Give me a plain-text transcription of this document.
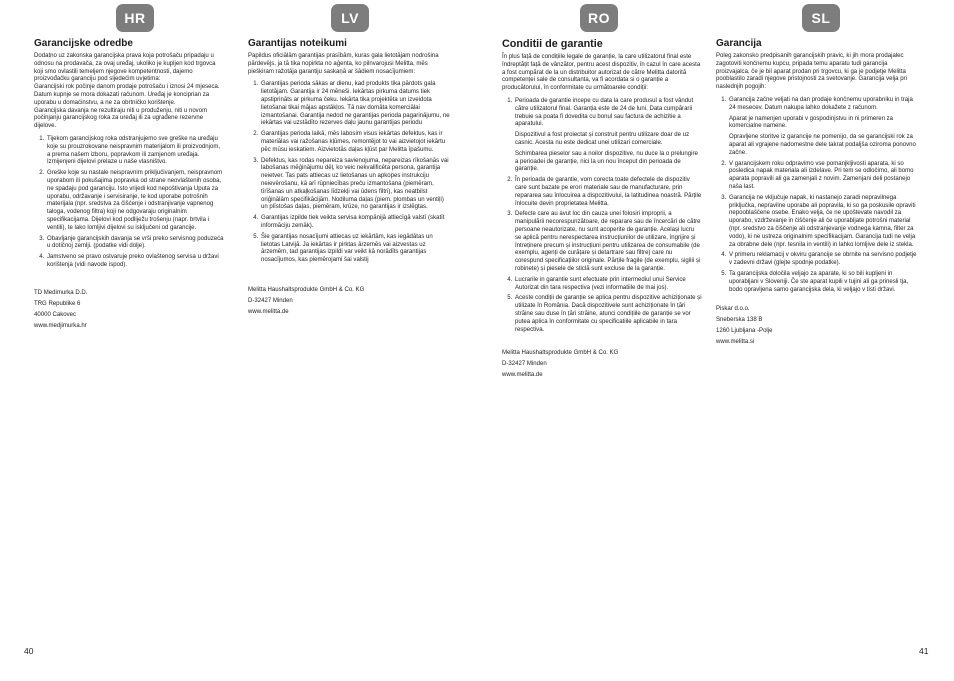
HR	LV	RO	SL
Garancijske odredbe

Dodatno uz zakonska garancijska prava koja potrošaču pripadaju u odnosu na prodavača, za ovaj uređaj, ukoliko je kupljen kod trgovca koji smo ovlastili temeljem njegove kompetentnosti, dajemo proizvođačku garanciju pod sljedećim uvjetima:

Garancijski rok počinje danom prodaje potrošaču i iznosi 24 mjeseca. Datum kupnje se mora dokazati računom. Uređaj je konciprian za uporabu u domaćinstvu, a ne za obrtničko korištenje.

Garancijska davanja ne rezultiraju niti u produženju, niti u novom počinjanju garancijskog roka za uređaj ili za ugrađene rezervne dijelove.

1. Tijekom garancijskog roka odstranjujemo sve greške na uređaju koje su prouzrokovane neispravnim materijalom ili proizvodnjom, a prema našem izboru, popravkom ili zamjenom uređaja. Izmijenjeni dijelovi prelaze u naše vlasništvo.
2. Greške koje su nastale neispravnim priključivanjem, neispravnom uporabom ili pokušajima popravka od strane neovlaštenih osoba, ne spadaju pod garanciju. Isto vrijedi kod nepoštivanja Uputa za uporabu, održavanje i servisiranje, te kod uporabe potrošnih materijala (npr. sredstva za čišćenje i odstranjivanje vapnenog taloga, vodenog filtra) koji ne odgovaraju originalnim specifikacijama. Dijelovi kod podliježu trošenju (napr. brtvila i ventili), te lako lomljivi dijelovi su isključeni od garancije.
3. Obavljanje garancijskih davanja se vrši preko servisnog poduzeća u dotičnoj zemlji. (podatke vidi dolje).
4. Jamstveno se pravo ostvaruje preko ovlaštenog servisa u državi korištenja (vidi navode ispod).
TD Medimurka D.D.
TRG Republike 6
40000 Cakovec
www.medjimurka.hr
Garantijas noteikumi

Papildus oficiālām garantijas prasībām, kuras gala lietotājam nodrošina pārdevējs, ja tā tika nopirkta no aģenta, ko pilnvarojusi Melitta, mēs piešķiram ražotāja garantiju saskaņā ar šādiem nosacījumiem:

1. Garantijas perioda sākas ar dienu, kad produkts tika pārdots gala lietotājam. Garantija ir 24 mēneši. Iekārtas pirkuma datums tiek apstiprināts ar pirkuma čeku. Iekārta tika projektēta un izveidota lietošanai tikai mājas apstākļos. Tā nav domāta komerciālai izmantošanai. Garantija nedod ne garantijas perioda pagarinājumu, ne iekārtas vai uzstādīto rezerves daļu jaunu garantijas periodu
2. Garantijas perioda laikā, mēs labosim visus iekārtas defektus, kas ir materiālas vai ražošanas kļūmes, remontējot to vai aizvietojot iekārtu pēc mūsu ieskatiem. Aizvietotās daļas kļūst par Melitta īpašumu.
3. Defektus, kas rodas nepareiza savienojuma, nepareizas rīkošanās vai labošanas mēģinājumu dēļ, ko veic nekvalificēta persona, garantija neietver. Tas pats attiecas uz lietošanas un apkopes instrukciju neievērošanu, kā arī rūpniecības preču izmantošana (piemēram, tīrīšanas un atkaļķošanas līdzekļi vai ūdens filtri), kas neatbilst oriģinālām specifikācijām. Nodiluma daļas (piem. plombas un ventiļi) un plīstošas daļas, piemēram, krūze, no garantijas ir izslēgtas.
4. Garantijas izpilde tiek veikta servisa kompānijā attiecīgā valstī (skatīt informāciju zemāk).
5. Šie garantijas nosacījumi attiecas uz iekārtām, kas iegādātas un lietotas Latvijā. Ja iekārtas ir pirktas ārzemēs vai aizvestas uz ārzemēm, tad garantijas izpildi var veikt kā norādīts garantijas nosacījumos, kas piemērojami šai valstij
Melitta Haushaltsprodukte GmbH & Co. KG
D-32427 Minden
www.melitta.de
Conditii de garantie

În plus față de condițiile legale de garanție, la care utilizatorul final este îndreptățit față de vânzător, pentru acest dispozitiv, în cazul în care acesta a fost cumpărat de la un distribuitor autorizat de către Melitta datorită competenței sale de consultanta, va fi acordata si o garanție a producătorului, în conformitate cu următoarele condiții:

1. Perioada de garantie incepe cu data la care produsul a fost vândut către utilizatorul final. Garanția este de 24 de luni. Data cumpărarii trebuie sa poata fi dovedita cu bonul sau factura de achizitie a aparatului.

Dispozitivul a fost proiectat și construit pentru utilizare doar de uz casnic. Acesta nu este dedicat unei utilizari comerciale.

Schimbarea pieselor sau a noilor dispozitive, nu duce la o prelungire a perioadei de garanție, nici la un nou început din perioada de garanție.

2. În perioada de garantie, vom corecta toate defectele de dispozitiv care sunt bazate pe erori materiale sau de manufacturare, prin repararea sau înlocuirea a dispozitivului, la latitudinea noastră. Părțile înlocuite devin proprietatea Melitta.

3. Defecte care au avut loc din cauza unei folosiri improprii, a manipulării necorespunzătoare, de reparare sau de încercări de către persoane neautorizate, nu sunt acoperite de garanție. Același lucru se aplică pentru nerespectarea instrucțiunilor de utilizare, îngrijire și întreținere precum și instrucțiuni pentru utilizarea de consumabile (de exemplu, agenți de curățare și detartrare sau filtre) care nu corespund specificațiilor originale. Părțile fragile (de exemplu, sigilii și robinete) și piesele de sticlă sunt excluse de la garanție.

4. Lucrarile in garantie sunt efectuate prin intermediul unui Service Autorizat din tara respectiva (vezi informatiile de mai jos).

5. Aceste condiții de garanție se aplica pentru dispozitive achiziționate și utilizate în România. Dacă dispozitivele sunt achiziționate în țări străine sau duse în țări străine, atunci condițiile de garanție se vor putea aplica în conformitate cu specificatiile aplicabile in tara respectiva.

Melitta Haushaltsprodukte GmbH & Co. KG
D-32427 Minden
www.melitta.de
Garancija

Poleg zakonsko predpisanih garancijskih pravic, ki jih mora prodajalec zagotoviti končnemu kupcu, pripada temu aparatu tudi garancija proizvajalca, če je bil aparat prodan pri trgovcu, ki ga je podjetje Melitta pooblastilo zaradi njegove pristojnosti za svetovanje. Garancija velja pri naslednjih pogojih:

1. Garancija začne veljati na dan prodaje končnemu uporabniku in traja 24 mesecev. Datum nakupa lahko dokažete z računom.

Aparat je namenjen uporabi v gospodinjstvu in ni primeren za komercialne namene.

Opravljene storitve iz garancije ne pomenijo, da se garancijski rok za aparat ali vgrajene nadomestne dele takrat podaljša oziroma ponovno začne.

2. V garancijskem roku odpravimo vse pomanjkljivosti aparata, ki so posledica napak materiala ali izdelave. Pri tem se odločimo, ali bomo aparata popravili ali ga zamenjali z novim. Zamenjani deli postanejo naša last.

3. Garancija ne vključuje napak, ki nastanejo zaradi nepravilnega priključka, nepravilne uporabe ali popravila, ki so ga poskusile opraviti nepooblaščene osebe. Enako velja, če ne upoštevate navodil za uporabo, vzdrževanje in čiščenje ali če uporabljate potrošni material (npr. sredstvo za čiščenje ali odstranjevanje vodnega kamna, filter za vodo), ki ne ustreza originalnim specifikacijam. Garancija tudi ne velja za obrabne dele (npr. tesnila in ventili) in lahko lomljive dele iz stekla.

4. V primeru reklamacij v okviru garancije se obrnite na servisno podjetje v zadevni državi (glejte spodnje podatke).

5. Ta garancijska določila veljajo za aparate, ki so bili kupljeni in uporabljani v Sloveniji. Če ste aparat kupili v tujini ali ga prinesli tja, bodo opravljena samo garancijska dela, ki veljajo v tisti državi.

Piskar d.o.o.
Sneberska 138 B
1260 Ljubljana -Polje
www.melitta.si
40	41
